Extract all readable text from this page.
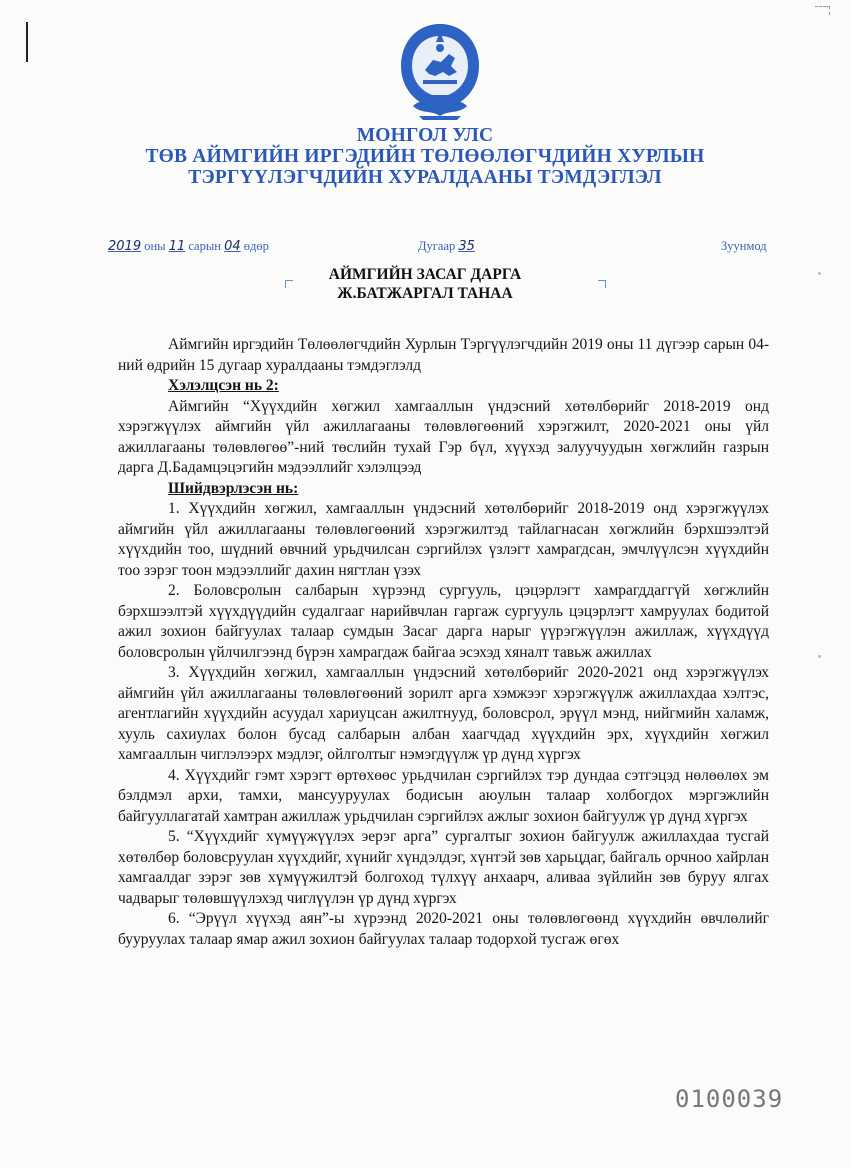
МОНГОЛ УЛС
ТӨВ АЙМГИЙН ИРГЭДИЙН ТӨЛӨӨЛӨГЧДИЙН ХУРЛЫН
ТЭРГҮҮЛЭГЧДИЙН ХУРАЛДААНЫ ТЭМДЭГЛЭЛ
2019 оны 11 сарын 04 өдөр	Дугаар 35	Зуунмод
АЙМГИЙН ЗАСАГ ДАРГА
Ж.БАТЖАРГАЛ ТАНАА

Аймгийн иргэдийн Төлөөлөгчдийн Хурлын Тэргүүлэгчдийн 2019 оны 11 дүгээр сарын 04-ний өдрийн 15 дугаар хуралдааны тэмдэглэлд

Хэлэлцсэн нь 2:

Аймгийн “Хүүхдийн хөгжил хамгааллын үндэсний хөтөлбөрийг 2018-2019 онд хэрэгжүүлэх аймгийн үйл ажиллагааны төлөвлөгөөний хэрэгжилт, 2020-2021 оны үйл ажиллагааны төлөвлөгөө”-ний төслийн тухай Гэр бүл, хүүхэд залуучуудын хөгжлийн газрын дарга Д.Бадамцэцэгийн мэдээллийг хэлэлцээд

Шийдвэрлэсэн нь:

1. Хүүхдийн хөгжил, хамгааллын үндэсний хөтөлбөрийг 2018-2019 онд хэрэгжүүлэх аймгийн үйл ажиллагааны төлөвлөгөөний хэрэгжилтэд тайлагнасан хөгжлийн бэрхшээлтэй хүүхдийн тоо, шүдний өвчний урьдчилсан сэргийлэх үзлэгт хамрагдсан, эмчлүүлсэн хүүхдийн тоо зэрэг тоон мэдээллийг дахин нягтлан үзэх

2. Боловсролын салбарын хүрээнд сургууль, цэцэрлэгт хамрагддаггүй хөгжлийн бэрхшээлтэй хүүхдүүдийн судалгааг нарийвчлан гаргаж сургууль цэцэрлэгт хамруулах бодитой ажил зохион байгуулах талаар сумдын Засаг дарга нарыг үүрэгжүүлэн ажиллаж, хүүхдүүд боловсролын үйлчилгээнд бүрэн хамрагдаж байгаа эсэхэд хяналт тавьж ажиллах

3. Хүүхдийн хөгжил, хамгааллын үндэсний хөтөлбөрийг 2020-2021 онд хэрэгжүүлэх аймгийн үйл ажиллагааны төлөвлөгөөний зорилт арга хэмжээг хэрэгжүүлж ажиллахдаа хэлтэс, агентлагийн хүүхдийн асуудал хариуцсан ажилтнууд, боловсрол, эрүүл мэнд, нийгмийн халамж, хууль сахиулах болон бусад салбарын албан хаагчдад хүүхдийн эрх, хүүхдийн хөгжил хамгааллын чиглэлээрх мэдлэг, ойлголтыг нэмэгдүүлж үр дүнд хүргэх

4. Хүүхдийг гэмт хэрэгт өртөхөөс урьдчилан сэргийлэх тэр дундаа сэтгэцэд нөлөөлөх эм бэлдмэл архи, тамхи, мансууруулах бодисын аюулын талаар холбогдох мэргэжлийн байгууллагатай хамтран ажиллаж урьдчилан сэргийлэх ажлыг зохион байгуулж үр дүнд хүргэх

5. “Хүүхдийг хүмүүжүүлэх эерэг арга” сургалтыг зохион байгуулж ажиллахдаа тусгай хөтөлбөр боловсруулан хүүхдийг, хүнийг хүндэлдэг, хүнтэй зөв харьцдаг, байгаль орчноо хайрлан хамгаалдаг зэрэг зөв хүмүүжилтэй болгоход түлхүү анхаарч, аливаа зүйлийн зөв буруу ялгах чадварыг төлөвшүүлэхэд чиглүүлэн үр дүнд хүргэх

6. “Эрүүл хүүхэд аян”-ы хүрээнд 2020-2021 оны төлөвлөгөөнд хүүхдийн өвчлөлийг бууруулах талаар ямар ажил зохион байгуулах талаар тодорхой тусгаж өгөх

0100039
